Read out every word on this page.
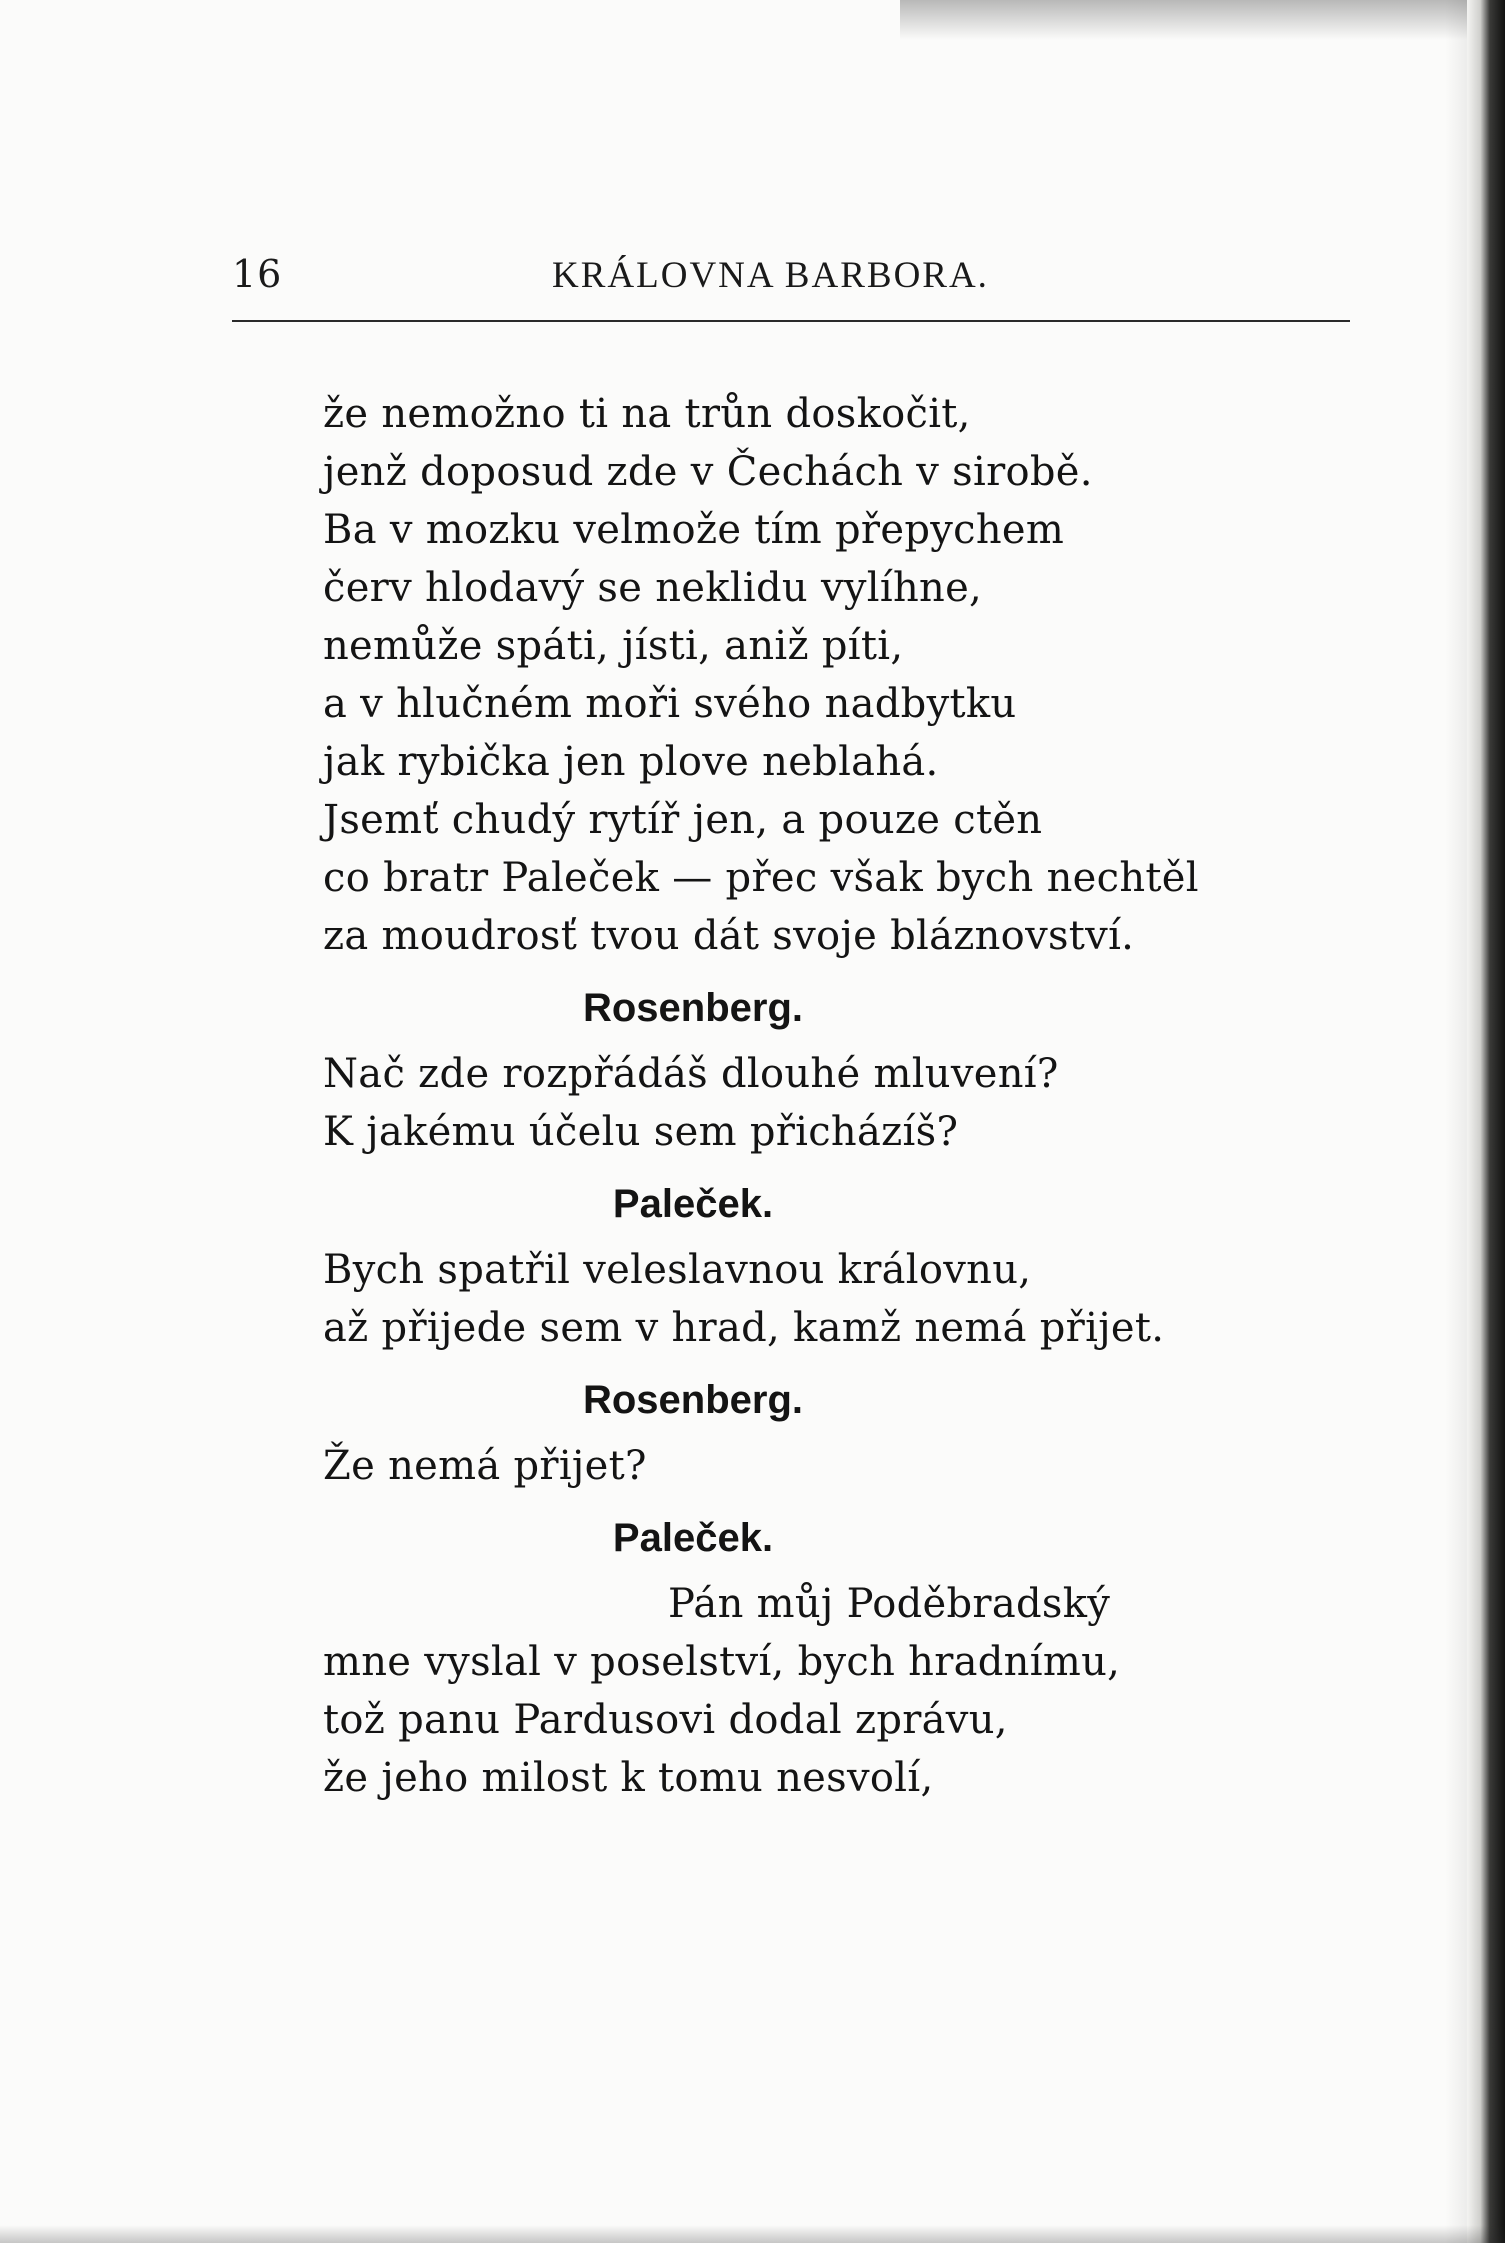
16	KRÁLOVNA BARBORA.

že nemožno ti na trůn doskočit,

jenž doposud zde v Čechách v sirobě.

Ba v mozku velmože tím přepychem

červ hlodavý se neklidu vylíhne,

nemůže spáti, jísti, aniž píti,

a v hlučném moři svého nadbytku

jak rybička jen plove neblahá.

Jsemť chudý rytíř jen, a pouze ctěn

co bratr Paleček — přec však bych nechtěl

za moudrosť tvou dát svoje bláznovství.

Rosenberg.

Nač zde rozpřádáš dlouhé mluvení?

K jakému účelu sem přicházíš?

Paleček.

Bych spatřil veleslavnou královnu,

až přijede sem v hrad, kamž nemá přijet.

Rosenberg.

Že nemá přijet?

Paleček.

Pán můj Poděbradský

mne vyslal v poselství, bych hradnímu,

tož panu Pardusovi dodal zprávu,

že jeho milost k tomu nesvolí,
